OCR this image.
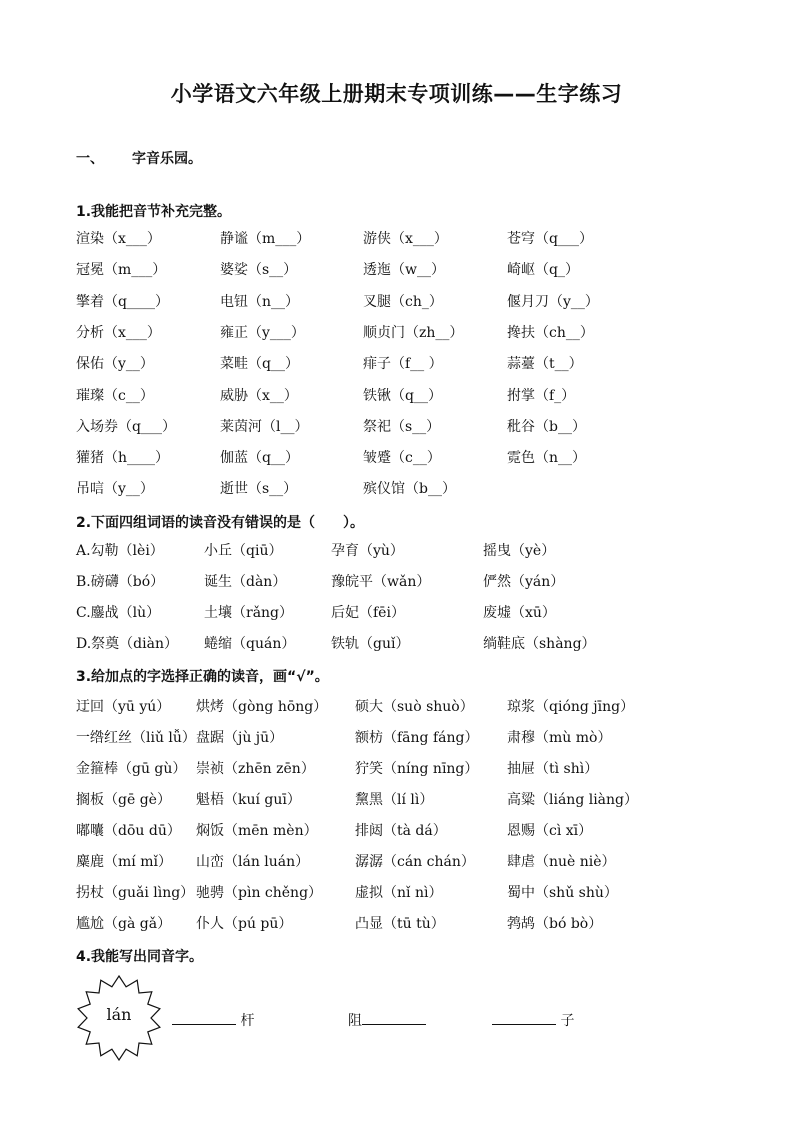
小学语文六年级上册期末专项训练——生字练习
一、 字音乐园。
1.我能把音节补充完整。
渲染（x___）	静谧（m___）	游侠（x___）	苍穹（q___）
冠冕（m___）	婆娑（s__）	透迤（w__）	崎岖（q_）
擎着（q____）	电钮（n__）	叉腿（ch_）	偃月刀（y__）
分析（x___）	雍正（y___）	顺贞门（zh__）	搀扶（ch__）
保佑（y__）	菜畦（q__）	痱子（f__ ）	蒜薹（t__）
璀璨（c__）	威胁（x__）	铁锹（q__）	拊掌（f_）
入场券（q___）	莱茵河（l__）	祭祀（s__）	秕谷（b__）
獾猪（h____）	伽蓝（q__）	皱蹙（c__）	霓色（n__）
吊唁（y__）	逝世（s__）	殡仪馆（b__）
2.下面四组词语的读音没有错误的是（　　）。
A.勾勒（lèi）	小丘（qiū）	孕育（yù）	摇曳（yè）
B.磅礴（bó）	诞生（dàn）	豫皖平（wǎn）	俨然（yán）
C.鏖战（lù）	土壤（rǎng）	后妃（fēi）	废墟（xū）
D.祭奠（diàn） 蜷缩（quán）	铁轨（guǐ）	绱鞋底（shàng）
3.给加点的字选择正确的读音，画“√”。
迂回（yū yú） 烘烤（gòng hōng） 硕大（suò shuò） 琼浆（qióng jīng）
一绺红丝（liǔ lǚ） 盘踞（jù jū）	额枋（fāng fáng） 肃穆（mù mò）
金箍棒（gū gù） 崇祯（zhēn zēn）	狞笑（níng nīng） 抽屉（tì shì）
搁板（gē gè） 魁梧（kuí guī）	黧黑（lí lì）	高粱（liáng liàng）
嘟囔（dōu dū） 焖饭（mēn mèn）	排闼（tà dá）	恩赐（cì xī）
麋鹿（mí mǐ） 山峦（lán luán）	潺潺（cán chán） 肆虐（nuè niè）
拐杖（guǎi lìng） 驰骋（pìn chěng） 虚拟（nǐ nì）	蜀中（shǔ shù）
尴尬（gà gǎ） 仆人（pú pū）	凸显（tū tù）	鹁鸪（bó bò）
4.我能写出同音字。
lán	杆	阻	子
